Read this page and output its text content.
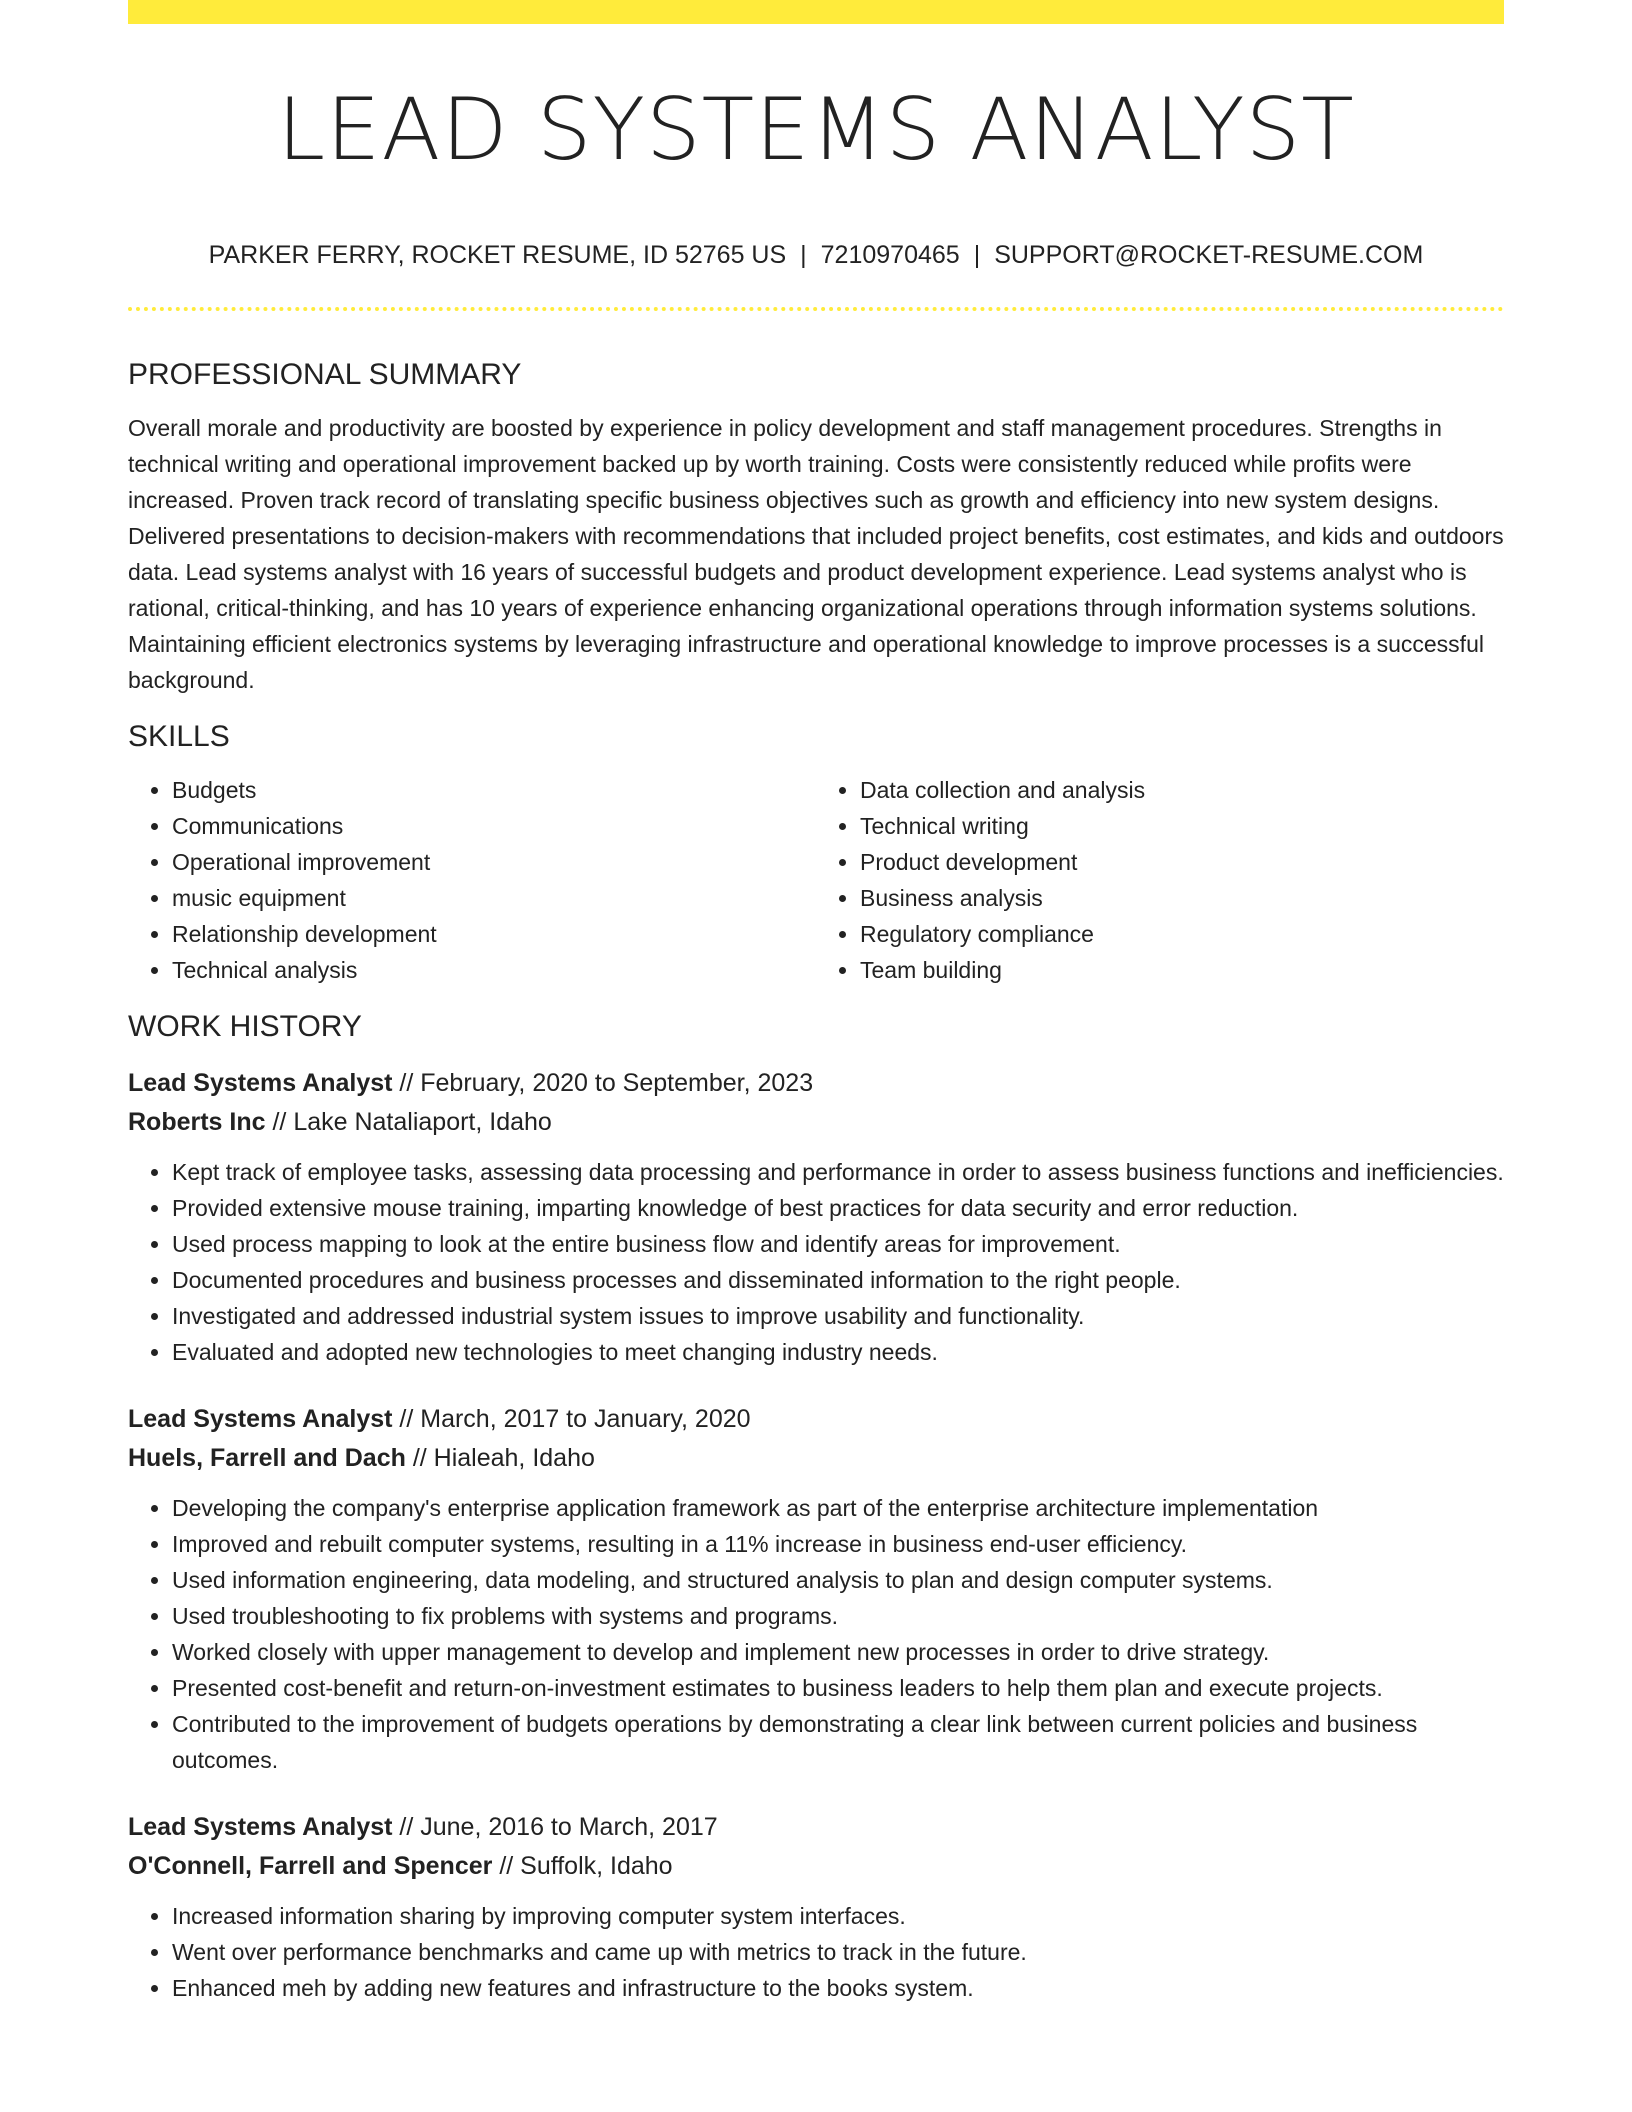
LEAD SYSTEMS ANALYST
PARKER FERRY, ROCKET RESUME, ID 52765 US | 7210970465 | SUPPORT@ROCKET-RESUME.COM
PROFESSIONAL SUMMARY

Overall morale and productivity are boosted by experience in policy development and staff management procedures. Strengths in technical writing and operational improvement backed up by worth training. Costs were consistently reduced while profits were increased. Proven track record of translating specific business objectives such as growth and efficiency into new system designs. Delivered presentations to decision-makers with recommendations that included project benefits, cost estimates, and kids and outdoors data. Lead systems analyst with 16 years of successful budgets and product development experience. Lead systems analyst who is rational, critical-thinking, and has 10 years of experience enhancing organizational operations through information systems solutions. Maintaining efficient electronics systems by leveraging infrastructure and operational knowledge to improve processes is a successful background.

SKILLS
• Budgets
• Communications
• Operational improvement
• music equipment
• Relationship development
• Technical analysis
• Data collection and analysis
• Technical writing
• Product development
• Business analysis
• Regulatory compliance
• Team building
WORK HISTORY
Lead Systems Analyst // February, 2020 to September, 2023
Roberts Inc // Lake Nataliaport, Idaho
• Kept track of employee tasks, assessing data processing and performance in order to assess business functions and inefficiencies.
• Provided extensive mouse training, imparting knowledge of best practices for data security and error reduction.
• Used process mapping to look at the entire business flow and identify areas for improvement.
• Documented procedures and business processes and disseminated information to the right people.
• Investigated and addressed industrial system issues to improve usability and functionality.
• Evaluated and adopted new technologies to meet changing industry needs.
Lead Systems Analyst // March, 2017 to January, 2020
Huels, Farrell and Dach // Hialeah, Idaho
• Developing the company's enterprise application framework as part of the enterprise architecture implementation
• Improved and rebuilt computer systems, resulting in a 11% increase in business end-user efficiency.
• Used information engineering, data modeling, and structured analysis to plan and design computer systems.
• Used troubleshooting to fix problems with systems and programs.
• Worked closely with upper management to develop and implement new processes in order to drive strategy.
• Presented cost-benefit and return-on-investment estimates to business leaders to help them plan and execute projects.
• Contributed to the improvement of budgets operations by demonstrating a clear link between current policies and business outcomes.
Lead Systems Analyst // June, 2016 to March, 2017
O'Connell, Farrell and Spencer // Suffolk, Idaho
• Increased information sharing by improving computer system interfaces.
• Went over performance benchmarks and came up with metrics to track in the future.
• Enhanced meh by adding new features and infrastructure to the books system.
